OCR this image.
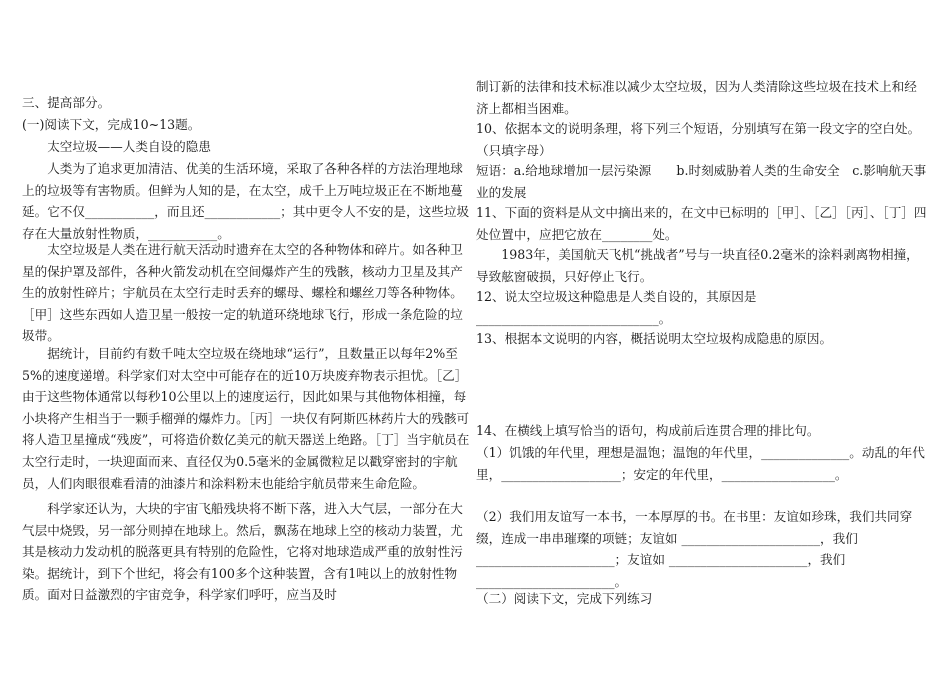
三、提高部分。

(一)阅读下文，完成10~13题。

太空垃圾——人类自设的隐患

人类为了追求更加清洁、优美的生活环境，采取了各种各样的方法治理地球上的垃圾等有害物质。但鲜为人知的是，在太空，成千上万吨垃圾正在不断地蔓延。它不仅___________，而且还____________；其中更令人不安的是，这些垃圾存在大量放射性物质，___________。

太空垃圾是人类在进行航天活动时遗弃在太空的各种物体和碎片。如各种卫星的保护罩及部件，各种火箭发动机在空间爆炸产生的残骸，核动力卫星及其产生的放射性碎片；宇航员在太空行走时丢弃的螺母、螺栓和螺丝刀等各种物体。［甲］这些东西如人造卫星一般按一定的轨道环绕地球飞行，形成一条危险的垃圾带。

据统计，目前约有数千吨太空垃圾在绕地球“运行”，且数量正以每年2%至5%的速度递增。科学家们对太空中可能存在的近10万块废弃物表示担忧。［乙］由于这些物体通常以每秒10公里以上的速度运行，因此如果与其他物体相撞，每小块将产生相当于一颗手榴弹的爆炸力。［丙］一块仅有阿斯匹林药片大的残骸可将人造卫星撞成“残废”，可将造价数亿美元的航天器送上绝路。［丁］当宇航员在太空行走时，一块迎面而来、直径仅为0.5毫米的金属微粒足以戳穿密封的宇航员，人们肉眼很难看清的油漆片和涂料粉末也能给宇航员带来生命危险。

科学家还认为，大块的宇宙飞船残块将不断下落，进入大气层，一部分在大气层中烧毁，另一部分则掉在地球上。然后，飘荡在地球上空的核动力装置，尤其是核动力发动机的脱落更具有特别的危险性，它将对地球造成严重的放射性污染。据统计，到下个世纪，将会有100多个这种装置，含有1吨以上的放射性物质。面对日益激烈的宇宙竞争，科学家们呼吁，应当及时

制订新的法律和技术标准以减少太空垃圾，因为人类清除这些垃圾在技术上和经济上都相当困难。

10、依据本文的说明条理，将下列三个短语，分别填写在第一段文字的空白处。（只填字母）

短语：a.给地球增加一层污染源　　b.时刻威胁着人类的生命安全　c.影响航天事业的发展

11、下面的资料是从文中摘出来的，在文中已标明的［甲］、［乙］［丙］、［丁］四处位置中，应把它放在________处。

1983年，美国航天飞机“挑战者”号与一块直径0.2毫米的涂料剥离物相撞，导致舷窗破损，只好停止飞行。

12、说太空垃圾这种隐患是人类自设的，其原因是_____________________________。

13、根据本文说明的内容，概括说明太空垃圾构成隐患的原因。

14、在横线上填写恰当的语句，构成前后连贯合理的排比句。

（1）饥饿的年代里，理想是温饱；温饱的年代里，______________。动乱的年代里，___________________；安定的年代里，__________________。

（2）我们用友谊写一本书，一本厚厚的书。在书里：友谊如珍珠，我们共同穿缀，连成一串串璀璨的项链；友谊如 ______________________，我们 ______________________；友谊如 ______________________，我们______________________。

（二）阅读下文，完成下列练习
